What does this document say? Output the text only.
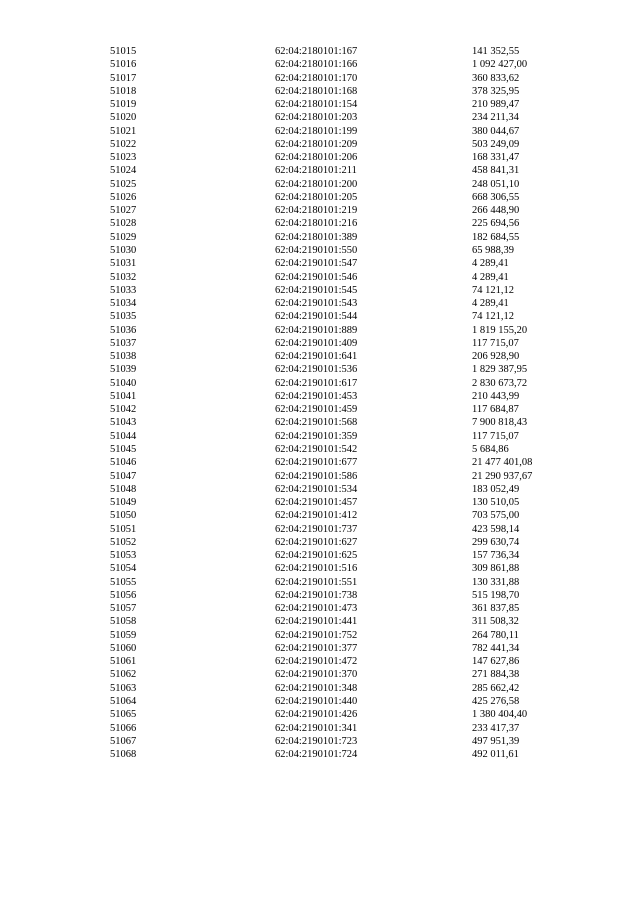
51015	62:04:2180101:167	141 352,55
51016	62:04:2180101:166	1 092 427,00
51017	62:04:2180101:170	360 833,62
51018	62:04:2180101:168	378 325,95
51019	62:04:2180101:154	210 989,47
51020	62:04:2180101:203	234 211,34
51021	62:04:2180101:199	380 044,67
51022	62:04:2180101:209	503 249,09
51023	62:04:2180101:206	168 331,47
51024	62:04:2180101:211	458 841,31
51025	62:04:2180101:200	248 051,10
51026	62:04:2180101:205	668 306,55
51027	62:04:2180101:219	266 448,90
51028	62:04:2180101:216	225 694,56
51029	62:04:2180101:389	182 684,55
51030	62:04:2190101:550	65 988,39
51031	62:04:2190101:547	4 289,41
51032	62:04:2190101:546	4 289,41
51033	62:04:2190101:545	74 121,12
51034	62:04:2190101:543	4 289,41
51035	62:04:2190101:544	74 121,12
51036	62:04:2190101:889	1 819 155,20
51037	62:04:2190101:409	117 715,07
51038	62:04:2190101:641	206 928,90
51039	62:04:2190101:536	1 829 387,95
51040	62:04:2190101:617	2 830 673,72
51041	62:04:2190101:453	210 443,99
51042	62:04:2190101:459	117 684,87
51043	62:04:2190101:568	7 900 818,43
51044	62:04:2190101:359	117 715,07
51045	62:04:2190101:542	5 684,86
51046	62:04:2190101:677	21 477 401,08
51047	62:04:2190101:586	21 290 937,67
51048	62:04:2190101:534	183 052,49
51049	62:04:2190101:457	130 510,05
51050	62:04:2190101:412	703 575,00
51051	62:04:2190101:737	423 598,14
51052	62:04:2190101:627	299 630,74
51053	62:04:2190101:625	157 736,34
51054	62:04:2190101:516	309 861,88
51055	62:04:2190101:551	130 331,88
51056	62:04:2190101:738	515 198,70
51057	62:04:2190101:473	361 837,85
51058	62:04:2190101:441	311 508,32
51059	62:04:2190101:752	264 780,11
51060	62:04:2190101:377	782 441,34
51061	62:04:2190101:472	147 627,86
51062	62:04:2190101:370	271 884,38
51063	62:04:2190101:348	285 662,42
51064	62:04:2190101:440	425 276,58
51065	62:04:2190101:426	1 380 404,40
51066	62:04:2190101:341	233 417,37
51067	62:04:2190101:723	497 951,39
51068	62:04:2190101:724	492 011,61
